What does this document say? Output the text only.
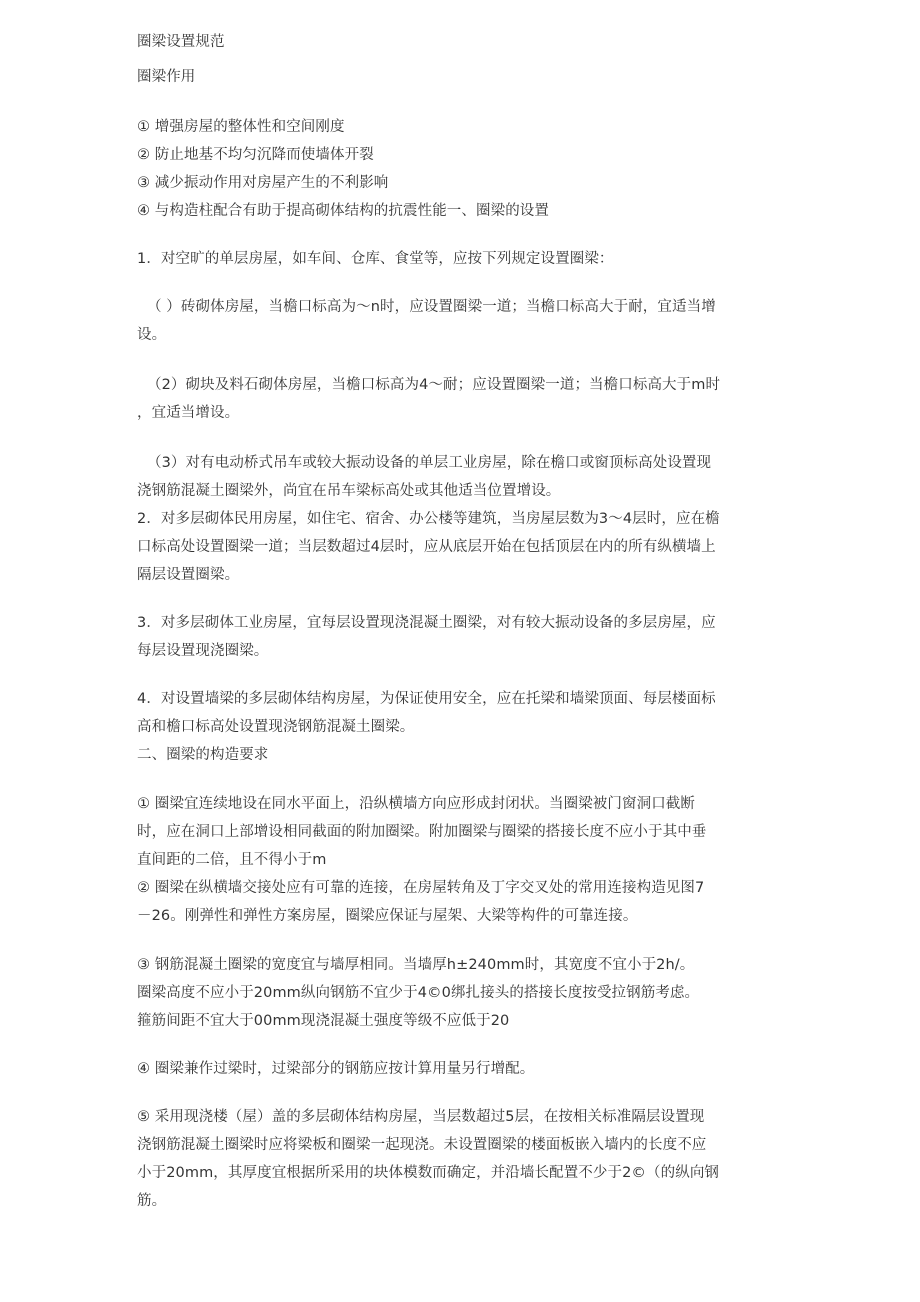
圈梁设置规范

圈梁作用

① 增强房屋的整体性和空间刚度

② 防止地基不均匀沉降而使墙体开裂

③ 减少振动作用对房屋产生的不利影响

④ 与构造柱配合有助于提高砌体结构的抗震性能一、圈梁的设置

1．对空旷的单层房屋，如车间、仓库、食堂等，应按下列规定设置圈梁：

（ ）砖砌体房屋，当檐口标高为～n时，应设置圈梁一道；当檐口标高大于耐，宜适当增

设。

（2）砌块及料石砌体房屋，当檐口标高为4～耐；应设置圈梁一道；当檐口标高大于m时

，宜适当增设。

（3）对有电动桥式吊车或较大振动设备的单层工业房屋，除在檐口或窗顶标高处设置现

浇钢筋混凝土圈梁外，尚宜在吊车梁标高处或其他适当位置增设。

2．对多层砌体民用房屋，如住宅、宿舍、办公楼等建筑，当房屋层数为3～4层时，应在檐

口标高处设置圈梁一道；当层数超过4层时，应从底层开始在包括顶层在内的所有纵横墙上

隔层设置圈梁。

3．对多层砌体工业房屋，宜每层设置现浇混凝土圈梁，对有较大振动设备的多层房屋，应

每层设置现浇圈梁。

4．对设置墙梁的多层砌体结构房屋，为保证使用安全，应在托梁和墙梁顶面、每层楼面标

高和檐口标高处设置现浇钢筋混凝土圈梁。

二、圈梁的构造要求

① 圈梁宜连续地设在同水平面上，沿纵横墙方向应形成封闭状。当圈梁被门窗洞口截断

时，应在洞口上部增设相同截面的附加圈梁。附加圈梁与圈梁的搭接长度不应小于其中垂

直间距的二倍，且不得小于m

② 圈梁在纵横墙交接处应有可靠的连接，在房屋转角及丁字交叉处的常用连接构造见图7

－26。刚弹性和弹性方案房屋，圈梁应保证与屋架、大梁等构件的可靠连接。

③ 钢筋混凝土圈梁的宽度宜与墙厚相同。当墙厚h±240mm时，其宽度不宜小于2h/。

圈梁高度不应小于20mm纵向钢筋不宜少于4©0绑扎接头的搭接长度按受拉钢筋考虑。

箍筋间距不宜大于00mm现浇混凝土强度等级不应低于20

④ 圈梁兼作过梁时，过梁部分的钢筋应按计算用量另行增配。

⑤ 采用现浇楼（屋）盖的多层砌体结构房屋，当层数超过5层，在按相关标准隔层设置现

浇钢筋混凝土圈梁时应将梁板和圈梁一起现浇。未设置圈梁的楼面板嵌入墙内的长度不应

小于20mm，其厚度宜根据所采用的块体模数而确定，并沿墙长配置不少于2©（的纵向钢

筋。
